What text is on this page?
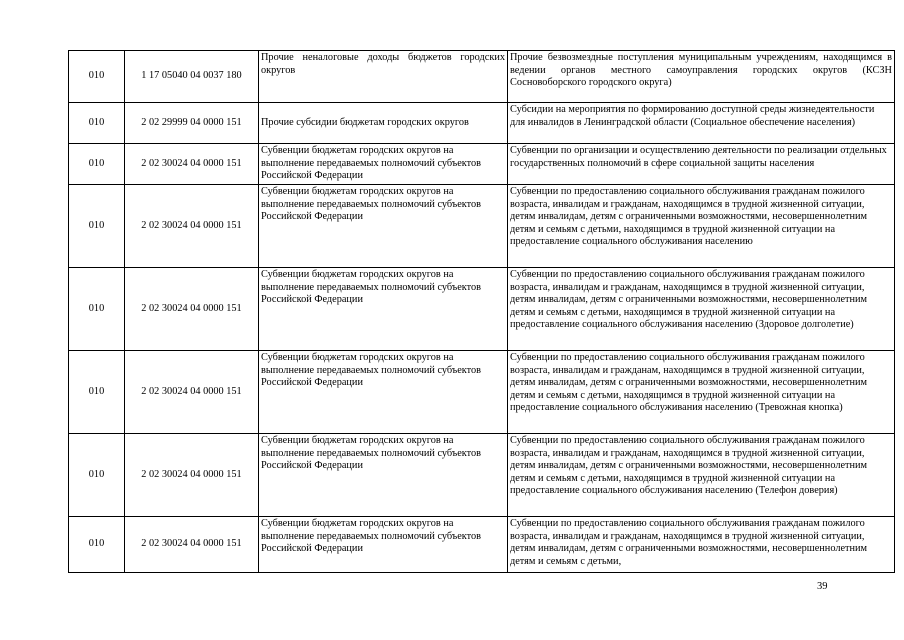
010	1 17 05040 04 0037 180	Прочие неналоговые доходы бюджетов городских округов	Прочие безвозмездные поступления муниципальным учреждениям, находящимся в ведении органов местного самоуправления городских округов (КСЗН Сосновоборского городского округа)
010	2 02 29999 04 0000 151	Прочие субсидии бюджетам городских округов	Субсидии на мероприятия по формированию доступной среды жизнедеятельности для инвалидов в Ленинградской области (Социальное обеспечение населения)
010	2 02 30024 04 0000 151	Субвенции бюджетам городских округов на выполнение передаваемых полномочий субъектов Российской Федерации	Субвенции по организации и осуществлению деятельности по реализации отдельных государственных полномочий в сфере социальной защиты населения
010	2 02 30024 04 0000 151	Субвенции бюджетам городских округов на выполнение передаваемых полномочий субъектов Российской Федерации	Субвенции по предоставлению социального обслуживания гражданам пожилого возраста, инвалидам и гражданам, находящимся в трудной жизненной ситуации, детям инвалидам, детям с ограниченными возможностями, несовершеннолетним детям и семьям с детьми, находящимся в трудной жизненной ситуации на предоставление социального обслуживания населению
010	2 02 30024 04 0000 151	Субвенции бюджетам городских округов на выполнение передаваемых полномочий субъектов Российской Федерации	Субвенции по предоставлению социального обслуживания гражданам пожилого возраста, инвалидам и гражданам, находящимся в трудной жизненной ситуации, детям инвалидам, детям с ограниченными возможностями, несовершеннолетним детям и семьям с детьми, находящимся в трудной жизненной ситуации на предоставление социального обслуживания населению (Здоровое долголетие)
010	2 02 30024 04 0000 151	Субвенции бюджетам городских округов на выполнение передаваемых полномочий субъектов Российской Федерации	Субвенции по предоставлению социального обслуживания гражданам пожилого возраста, инвалидам и гражданам, находящимся в трудной жизненной ситуации, детям инвалидам, детям с ограниченными возможностями, несовершеннолетним детям и семьям с детьми, находящимся в трудной жизненной ситуации на предоставление социального обслуживания населению (Тревожная кнопка)
010	2 02 30024 04 0000 151	Субвенции бюджетам городских округов на выполнение передаваемых полномочий субъектов Российской Федерации	Субвенции по предоставлению социального обслуживания гражданам пожилого возраста, инвалидам и гражданам, находящимся в трудной жизненной ситуации, детям инвалидам, детям с ограниченными возможностями, несовершеннолетним детям и семьям с детьми, находящимся в трудной жизненной ситуации на предоставление социального обслуживания населению (Телефон доверия)
010	2 02 30024 04 0000 151	Субвенции бюджетам городских округов на выполнение передаваемых полномочий субъектов Российской Федерации	Субвенции по предоставлению социального обслуживания гражданам пожилого возраста, инвалидам и гражданам, находящимся в трудной жизненной ситуации, детям инвалидам, детям с ограниченными возможностями, несовершеннолетним детям и семьям с детьми,
39
